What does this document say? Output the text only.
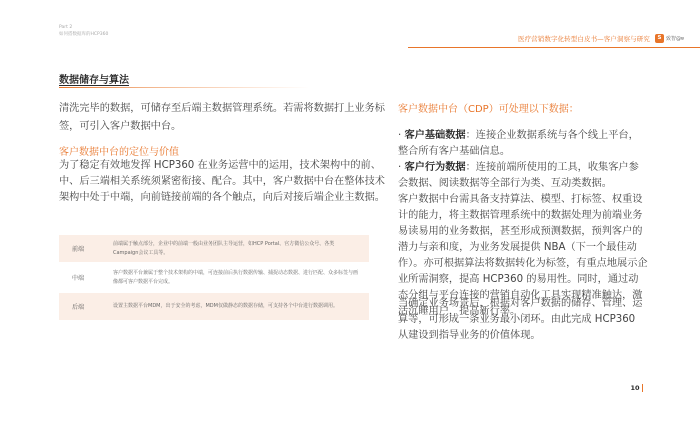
Part 2
如何搭数据库的HCP360
医疗营销数字化转型白皮书—客户洞察与研究	S 致智@ɐ
数据储存与算法

清洗完毕的数据，可储存至后端主数据管理系统。若需将数据打上业务标签，可引入客户数据中台。

客户数据中台的定位与价值

为了稳定有效地发挥 HCP360 在业务运营中的运用，技术架构中的前、中、后三端相关系统须紧密衔接、配合。其中，客户数据中台在整体技术架构中处于中端，向前链接前端的各个触点，向后对接后端企业主数据。

前端
前端属于触点部分，企业中的前端一般由业务团队主导运营，如HCP Portal、官方微信公众号、各类Campaign会议工具等。
中端
客户数据平台兼属于整个技术架构的中端，可连接前后执行数据传输、捕捉动态数据、进行匹配、众多标签与画像都可客户数据平台完成。
后端	设置主数据平台MDM，出于安全的考虑，MDM仅做静态的数据存储，可支持各个中台进行数据调用。

客户数据中台（CDP）可处理以下数据：

· 客户基础数据：连接企业数据系统与各个线上平台，整合所有客户基础信息。

· 客户行为数据：连接前端所使用的工具，收集客户参会数据、阅读数据等全部行为类、互动类数据。

客户数据中台需具备支持算法、模型、打标签、权重设计的能力，将主数据管理系统中的数据处理为前端业务易读易用的业务数据，甚至形成预测数据，预判客户的潜力与亲和度，为业务发展提供 NBA（下一个最佳动作）。亦可根据算法将数据转化为标签，有重点地展示企业所需洞察，提高 HCP360 的易用性。同时，通过动态分组与平台连接的营销自动化工具实现精准触达，激活沉睡用户，提高新行率。

当确定业务场景后，根据对客户数据的储存、管理、运算等，可形成一条业务最小闭环。由此完成 HCP360 从建设到指导业务的价值体现。

10
